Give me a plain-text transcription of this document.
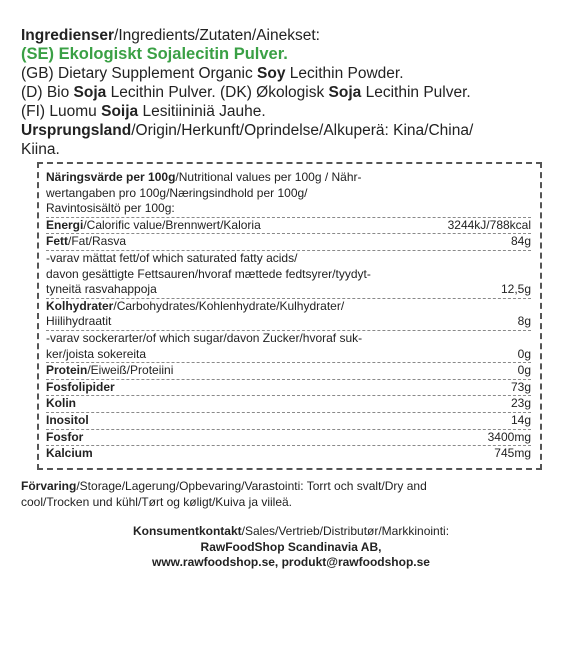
Ingredienser/Ingredients/Zutaten/Ainekset:
(SE) Ekologiskt Sojalecitin Pulver.
(GB) Dietary Supplement Organic Soy Lecithin Powder.
(D) Bio Soja Lecithin Pulver. (DK) Økologisk Soja Lecithin Pulver.
(FI) Luomu Soija Lesitiininiä Jauhe.
Ursprungsland/Origin/Herkunft/Oprindelse/Alkuperä: Kina/China/
Kiina.
Näringsvärde per 100g/Nutritional values per 100g / Nähr-
wertangaben pro 100g/Næringsindhold per 100g/
Ravintosisältö per 100g:
Energi/Calorific value/Brennwert/Kaloria	3244kJ/788kcal
Fett/Fat/Rasva	84g
-varav mättat fett/of which saturated fatty acids/
davon gesättigte Fettsauren/hvoraf mættede fedtsyrer/tyydyt-
tyneitä rasvahappoja	12,5g
Kolhydrater/Carbohydrates/Kohlenhydrate/Kulhydrater/
Hiilihydraatit	8g
-varav sockerarter/of which sugar/davon Zucker/hvoraf suk-
ker/joista sokereita	0g
Protein/Eiweiß/Proteiini	0g
Fosfolipider	73g
Kolin	23g
Inositol	14g
Fosfor	3400mg
Kalcium	745mg
Förvaring/Storage/Lagerung/Opbevaring/Varastointi: Torrt och svalt/Dry and
cool/Trocken und kühl/Tørt og køligt/Kuiva ja viileä.
Konsumentkontakt/Sales/Vertrieb/Distributør/Markkinointi:
RawFoodShop Scandinavia AB,
www.rawfoodshop.se, produkt@rawfoodshop.se
